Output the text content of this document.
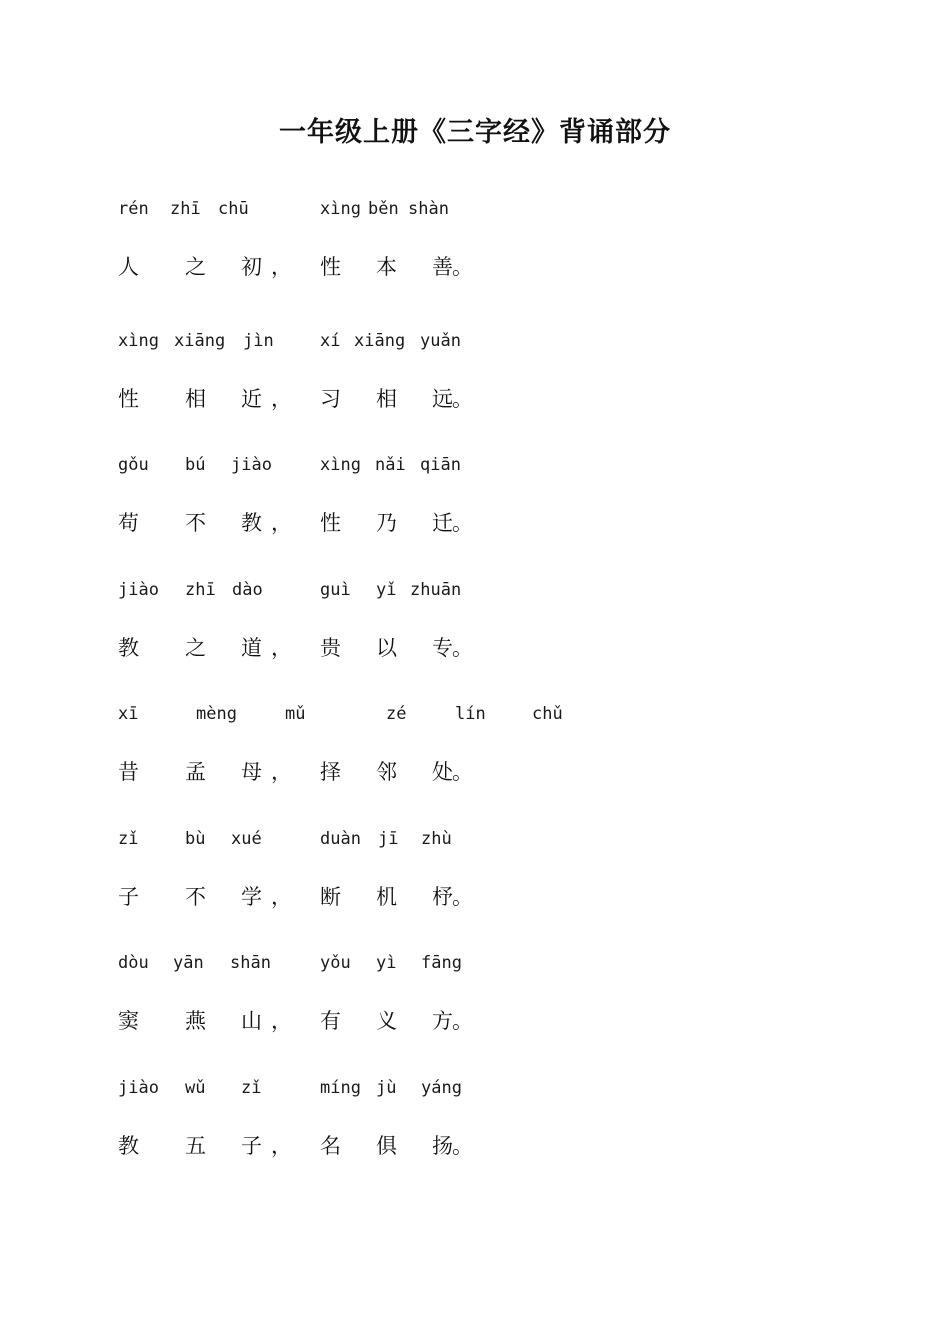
一年级上册《三字经》背诵部分
rén zhī chū	xìng běn shàn
人 之 初	性 本 善
，	。
xìng xiāng jìn	xí xiāng yuǎn
性 相 近	习 相 远
，	。
gǒu bú jiào	xìng nǎi qiān
苟 不 教	性 乃 迁
，	。
jiào zhī dào	guì yǐ zhuān
教 之 道	贵 以 专
，	。
xī	mèng	mǔ	zé	lín	chǔ
昔 孟 母	择 邻 处
，	。
zǐ	bù xué	duàn jī zhù
子 不 学	断 机 杼
，	。
dòu yān shān	yǒu yì fāng
窦 燕 山	有 义 方
，	。
jiào wǔ zǐ	míng jù yáng
教 五 子	名 俱 扬
，	。
